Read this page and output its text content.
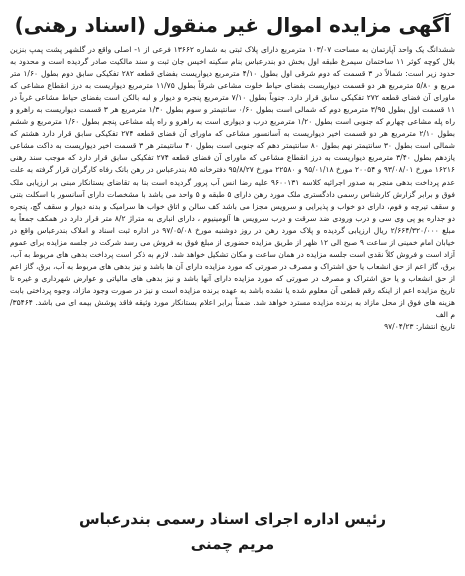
آگهی مزایده اموال غیر منقول (اسناد رهنی)

ششدانگ یک واحد آپارتمان به مساحت ۱۰۳/۰۷ مترمربع دارای پلاک ثبتی به شماره ۱۳۶۶۲ فرعی از ۱- اصلی واقع در گلشهر پشت پمپ بنزین بلال کوچه کوثر ۱۱ ساختمان سیمرغ طبقه اول بخش دو بندرعباس بنام سکینه اخیس جان ثبت و سند مالکیت صادر گردیده است و محدود به حدود زیر است: شمالاً در ۳ قسمت که دوم شرقی اول بطول ۴/۱۰ مترمربع دیواریست بفضای قطعه ۲۸۲ تفکیکی سابق دوم بطول ۱/۶۰ متر مربع و ۵/۸۰ مترمربع هر دو قسمت دیواریست بفضای حیاط خلوت مشاعی شرقاً بطول ۱۱/۷۵ مترمربع دیواریست به درز انقطاع مشاعی که ماورای آن فضای قطعه ۲۷۲ تفکیکی سابق قرار دارد. جنوباً بطول ۷/۱۰ مترمربع پنجره و دیوار و لبه بالکن است بفضای حیاط مشاعی غرباً در ۱۱ قسمت اول بطول ۳/۹۵ مترمربع دوم که شمالی است بطول ۰/۶۰ سانتیمتر و سوم بطول ۱/۳۰ مترمربع هر ۳ قسمت دیواریست به راهرو و راه پله مشاعی چهارم که جنوبی است بطول ۱/۲۰ مترمربع درب و دیواری است به راهرو و راه پله مشاعی پنجم بطول ۱/۶۰ مترمربع و ششم بطول ۲/۱۰ مترمربع هر دو قسمت اخیر دیواریست به آسانسور مشاعی که ماورای آن فضای قطعه ۲۷۴ تفکیکی سابق قرار دارد هشتم که شمالی است بطول ۳۰ سانتیمتر نهم بطول ۸۰ سانتیمتر دهم که جنوبی است بطول ۴۰ سانتیمتر هر ۳ قسمت اخیر دیواریست به داکت مشاعی یازدهم بطول ۳/۴۰ مترمربع دیواریست به درز انقطاع مشاعی که ماورای آن فضای قطعه ۲۷۴ تفکیکی سابق قرار دارد که موجب سند رهنی ۱۶۲۱۶ مورخ ۹۳/۰۸/۰۱ و ۲۰۰۵۴ مورخ ۹۵/۰۱/۱۸ و ۲۲۵۸۰ مورخ ۹۵/۸/۲۷ دفترخانه ۸۵ بندرعباس در رهن بانک رفاه کارگران قرار گرفته به علت عدم پرداخت بدهی منجر به صدور اجرائیه کلاسه ۹۶۰۰۱۳۱ علیه رضا انس آب پرور گردیده است بنا به تقاضای بستانکار مبنی بر ارزیابی ملک فوق و برابر گزارش کارشناس رسمی دادگستری ملک مورد رهن دارای ۵ طبقه و ۵ واحد می باشد با مشخصات دارای آسانسور با اسکلت بتنی و سقف تیرچه و فوم، دارای دو خواب و پذیرایی و سرویس مجزا می باشد کف سالن و اتاق خواب ها سرامیک و بدنه دیوار و سقف گچ، پنجره دو جداره یو پی وی سی و درب ورودی ضد سرقت و درب سرویس ها آلومینیوم ، دارای انباری به متراژ ۸/۲ متر قرار دارد در همکف جمعاً به مبلغ ۲/۶۶۴/۳۲۰/۰۰۰ ریال ارزیابی گردیده و پلاک مورد رهن در روز دوشنبه مورخ ۹۷/۰۵/۰۸ در اداره ثبت اسناد و املاک بندرعباس واقع در خیابان امام خمینی از ساعت ۹ صبح الی ۱۲ ظهر از طریق مزایده حضوری از مبلغ فوق به فروش می رسد شرکت در جلسه مزایده برای عموم آزاد است و فروش کلاً نقدی است جلسه مزایده در همان ساعت و مکان تشکیل خواهد شد. لازم به ذکر است پرداخت بدهی های مربوط به آب، برق، گاز اعم از حق انشعاب یا حق اشتراک و مصرف در صورتی که مورد مزایده دارای آن ها باشد و نیز بدهی های مربوط به آب، برق، گاز اعم از حق انشعاب و یا حق اشتراک و مصرف در صورتی که مورد مزایده دارای آنها باشد و نیز بدهی های مالیاتی و عوارض شهرداری و غیره تا تاریخ مزایده اعم از اینکه رقم قطعی آن معلوم شده یا نشده باشد به عهده برنده مزایده است و نیز در صورت وجود مازاد، وجوه پرداختی بابت هزینه های فوق از محل مازاد به برنده مزایده مسترد خواهد شد. ضمناً برابر اعلام بستانکار مورد وثیقه فاقد پوشش بیمه ای می باشد. ۳۵۴۶۴/ م الف

تاریخ انتشار: ۹۷/۰۴/۲۳
رئیس اداره اجرای اسناد رسمی بندرعباس
مریم چمنی
